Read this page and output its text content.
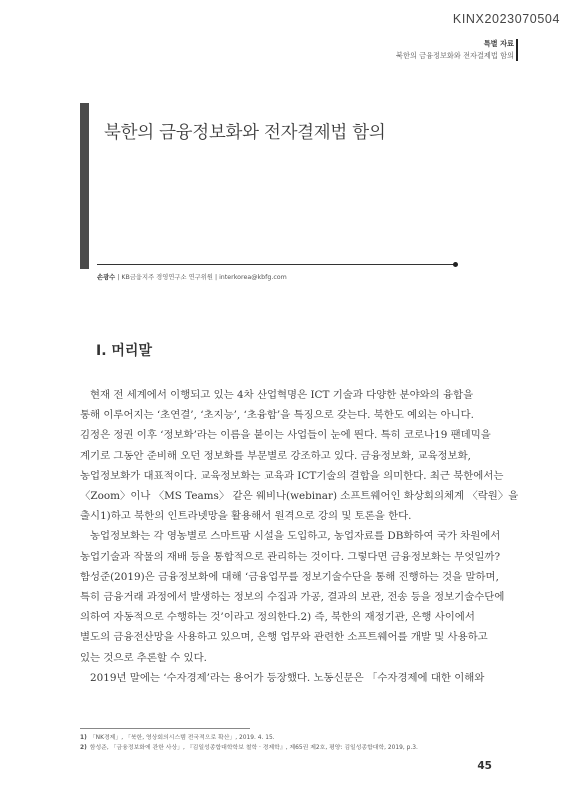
KINX2023070504
특별 자료
북한의 금융정보화와 전자결제법 함의
북한의 금융정보화와 전자결제법 함의
손광수 | KB금융지주 경영연구소 연구위원 | interkorea@kbfg.com
Ⅰ. 머리말

현재 전 세계에서 이행되고 있는 4차 산업혁명은 ICT 기술과 다양한 분야와의 융합을
통해 이루어지는 ‘초연결’, ‘초지능’, ‘초융합’을 특징으로 갖는다. 북한도 예외는 아니다.
김정은 정권 이후 ‘정보화’라는 이름을 붙이는 사업들이 눈에 띈다. 특히 코로나19 팬데믹을
계기로 그동안 준비해 오던 정보화를 부문별로 강조하고 있다. 금융정보화, 교육정보화,
농업정보화가 대표적이다. 교육정보화는 교육과 ICT기술의 결합을 의미한다. 최근 북한에서는
〈Zoom〉이나 〈MS Teams〉 같은 웨비나(webinar) 소프트웨어인 화상회의체계 〈락원〉을
출시1)하고 북한의 인트라넷망을 활용해서 원격으로 강의 및 토론을 한다.

농업정보화는 각 영농별로 스마트팜 시설을 도입하고, 농업자료를 DB화하여 국가 차원에서
농업기술과 작물의 재배 등을 통합적으로 관리하는 것이다. 그렇다면 금융정보화는 무엇일까?
함성준(2019)은 금융정보화에 대해 ‘금융업무를 정보기술수단을 통해 진행하는 것을 말하며,
특히 금융거래 과정에서 발생하는 정보의 수집과 가공, 결과의 보관, 전송 등을 정보기술수단에
의하여 자동적으로 수행하는 것’이라고 정의한다.2) 즉, 북한의 재정기관, 은행 사이에서
별도의 금융전산망을 사용하고 있으며, 은행 업무와 관련한 소프트웨어를 개발 및 사용하고
있는 것으로 추론할 수 있다.

2019년 말에는 ‘수자경제’라는 용어가 등장했다. 노동신문은 「수자경제에 대한 이해와

1) 「NK경제」, 「북한, 영상회의시스템 전국적으로 확산」, 2019. 4. 15.
2) 함성준, 「금융정보화에 관한 사상」, 『김일성종합대학학보 철학 · 경제학』, 제65권 제2호, 평양: 김일성종합대학, 2019, p.3.
45
